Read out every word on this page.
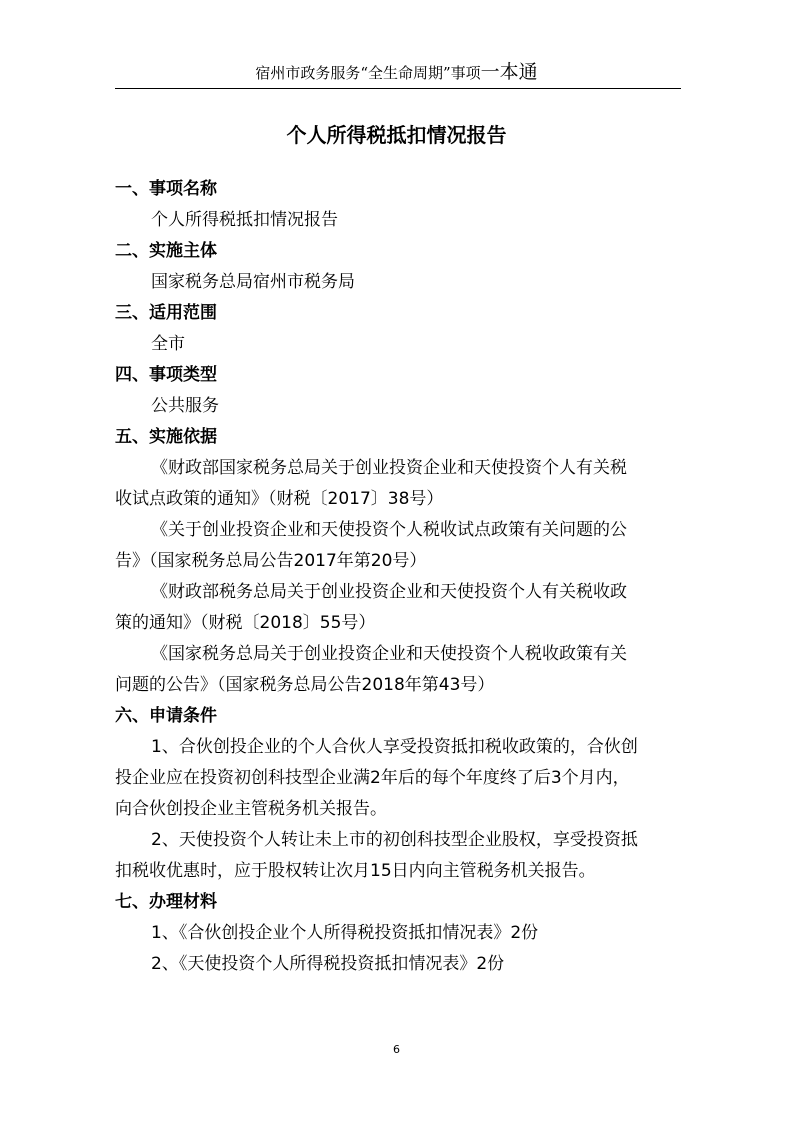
宿州市政务服务“全生命周期”事项一本通
个人所得税抵扣情况报告
一、事项名称
个人所得税抵扣情况报告
二、实施主体
国家税务总局宿州市税务局
三、适用范围
全市
四、事项类型
公共服务
五、实施依据
《财政部国家税务总局关于创业投资企业和天使投资个人有关税
收试点政策的通知》（财税〔2017〕38号）
《关于创业投资企业和天使投资个人税收试点政策有关问题的公
告》（国家税务总局公告2017年第20号）
《财政部税务总局关于创业投资企业和天使投资个人有关税收政
策的通知》（财税〔2018〕55号）
《国家税务总局关于创业投资企业和天使投资个人税收政策有关
问题的公告》（国家税务总局公告2018年第43号）
六、申请条件
1、合伙创投企业的个人合伙人享受投资抵扣税收政策的，合伙创
投企业应在投资初创科技型企业满2年后的每个年度终了后3个月内，
向合伙创投企业主管税务机关报告。
2、天使投资个人转让未上市的初创科技型企业股权，享受投资抵
扣税收优惠时，应于股权转让次月15日内向主管税务机关报告。
七、办理材料
1、《合伙创投企业个人所得税投资抵扣情况表》2份
2、《天使投资个人所得税投资抵扣情况表》2份
6
